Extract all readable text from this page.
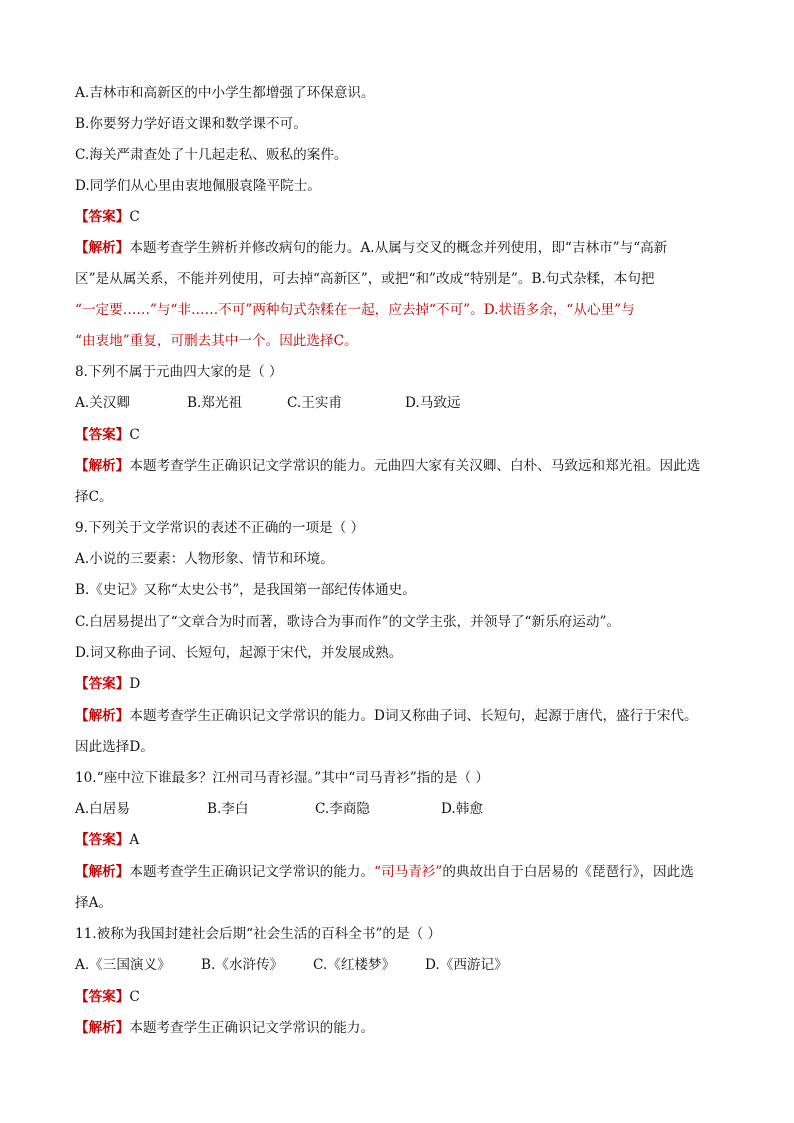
A.吉林市和高新区的中小学生都增强了环保意识。
B.你要努力学好语文课和数学课不可。
C.海关严肃查处了十几起走私、贩私的案件。
D.同学们从心里由衷地佩服袁隆平院士。
【答案】C
【解析】本题考查学生辨析并修改病句的能力。A.从属与交叉的概念并列使用，即“吉林市”与“高新
区”是从属关系，不能并列使用，可去掉“高新区”，或把“和”改成“特别是”。B.句式杂糅，本句把
“一定要……”与“非……不可”两种句式杂糅在一起，应去掉“不可”。D.状语多余，“从心里”与
“由衷地”重复，可删去其中一个。因此选择C。
8.下列不属于元曲四大家的是（ ）
A.关汉卿	B.郑光祖	C.王实甫	D.马致远
【答案】C
【解析】本题考查学生正确识记文学常识的能力。元曲四大家有关汉卿、白朴、马致远和郑光祖。因此选
择C。
9.下列关于文学常识的表述不正确的一项是（ ）
A.小说的三要素：人物形象、情节和环境。
B.《史记》又称“太史公书”，是我国第一部纪传体通史。
C.白居易提出了“文章合为时而著，歌诗合为事而作”的文学主张，并领导了“新乐府运动”。
D.词又称曲子词、长短句，起源于宋代，并发展成熟。
【答案】D
【解析】本题考查学生正确识记文学常识的能力。D词又称曲子词、长短句，起源于唐代，盛行于宋代。
因此选择D。
10.“座中泣下谁最多？江州司马青衫湿。”其中“司马青衫”指的是（ ）
A.白居易	B.李白	C.李商隐	D.韩愈
【答案】A
【解析】本题考查学生正确识记文学常识的能力。“司马青衫”的典故出自于白居易的《琵琶行》，因此选
择A。
11.被称为我国封建社会后期“社会生活的百科全书”的是（ ）
A.《三国演义》 B.《水浒传》 C.《红楼梦》 D.《西游记》
【答案】C
【解析】本题考查学生正确识记文学常识的能力。
